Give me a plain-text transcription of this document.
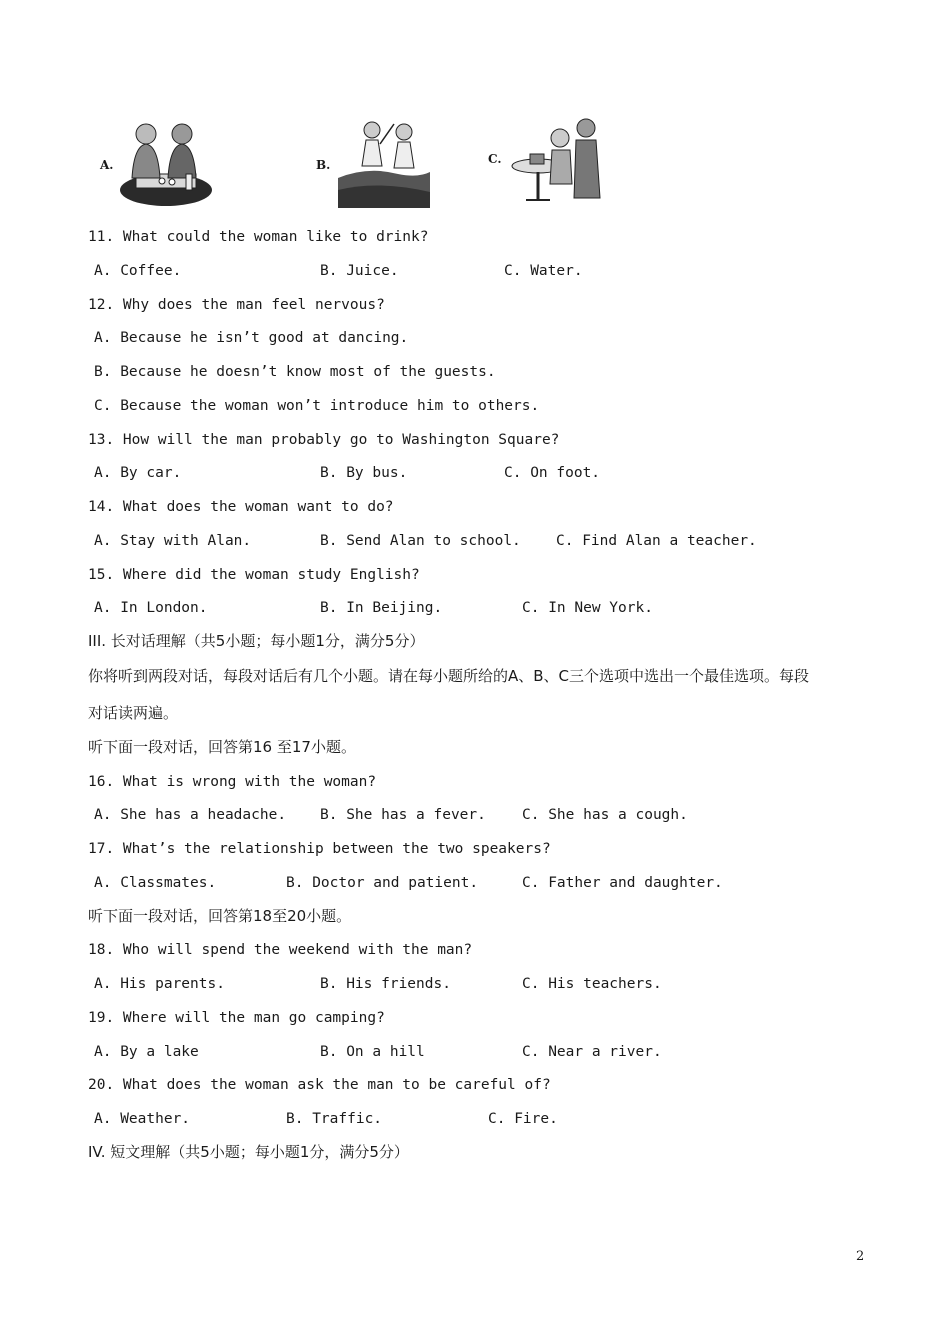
A.	B.	C.
11. What could the woman like to drink?
A. Coffee.	B. Juice.	C. Water.
12. Why does the man feel nervous?
A. Because he isn’t good at dancing.
B. Because he doesn’t know most of the guests.
C. Because the woman won’t introduce him to others.
13. How will the man probably go to Washington Square?
A. By car.	B. By bus.	C. On foot.
14. What does the woman want to do?
A. Stay with Alan.	B. Send Alan to school. C. Find Alan a teacher.
15. Where did the woman study English?
A. In London.	B. In Beijing.	C. In New York.
III. 长对话理解（共5小题；每小题1分，满分5分）
你将听到两段对话，每段对话后有几个小题。请在每小题所给的A、B、C三个选项中选出一个最佳选项。每段
对话读两遍。
听下面一段对话，回答第16 至17小题。
16. What is wrong with the woman?
A. She has a headache. B. She has a fever. C. She has a cough.
17. What’s the relationship between the two speakers?
A. Classmates.	B. Doctor and patient.	C. Father and daughter.
听下面一段对话，回答第18至20小题。
18. Who will spend the weekend with the man?
A. His parents.	B. His friends.	C. His teachers.
19. Where will the man go camping?
A. By a lake	B. On a hill	C. Near a river.
20. What does the woman ask the man to be careful of?
A. Weather.	B. Traffic.	C. Fire.
IV. 短文理解（共5小题；每小题1分，满分5分）
2
